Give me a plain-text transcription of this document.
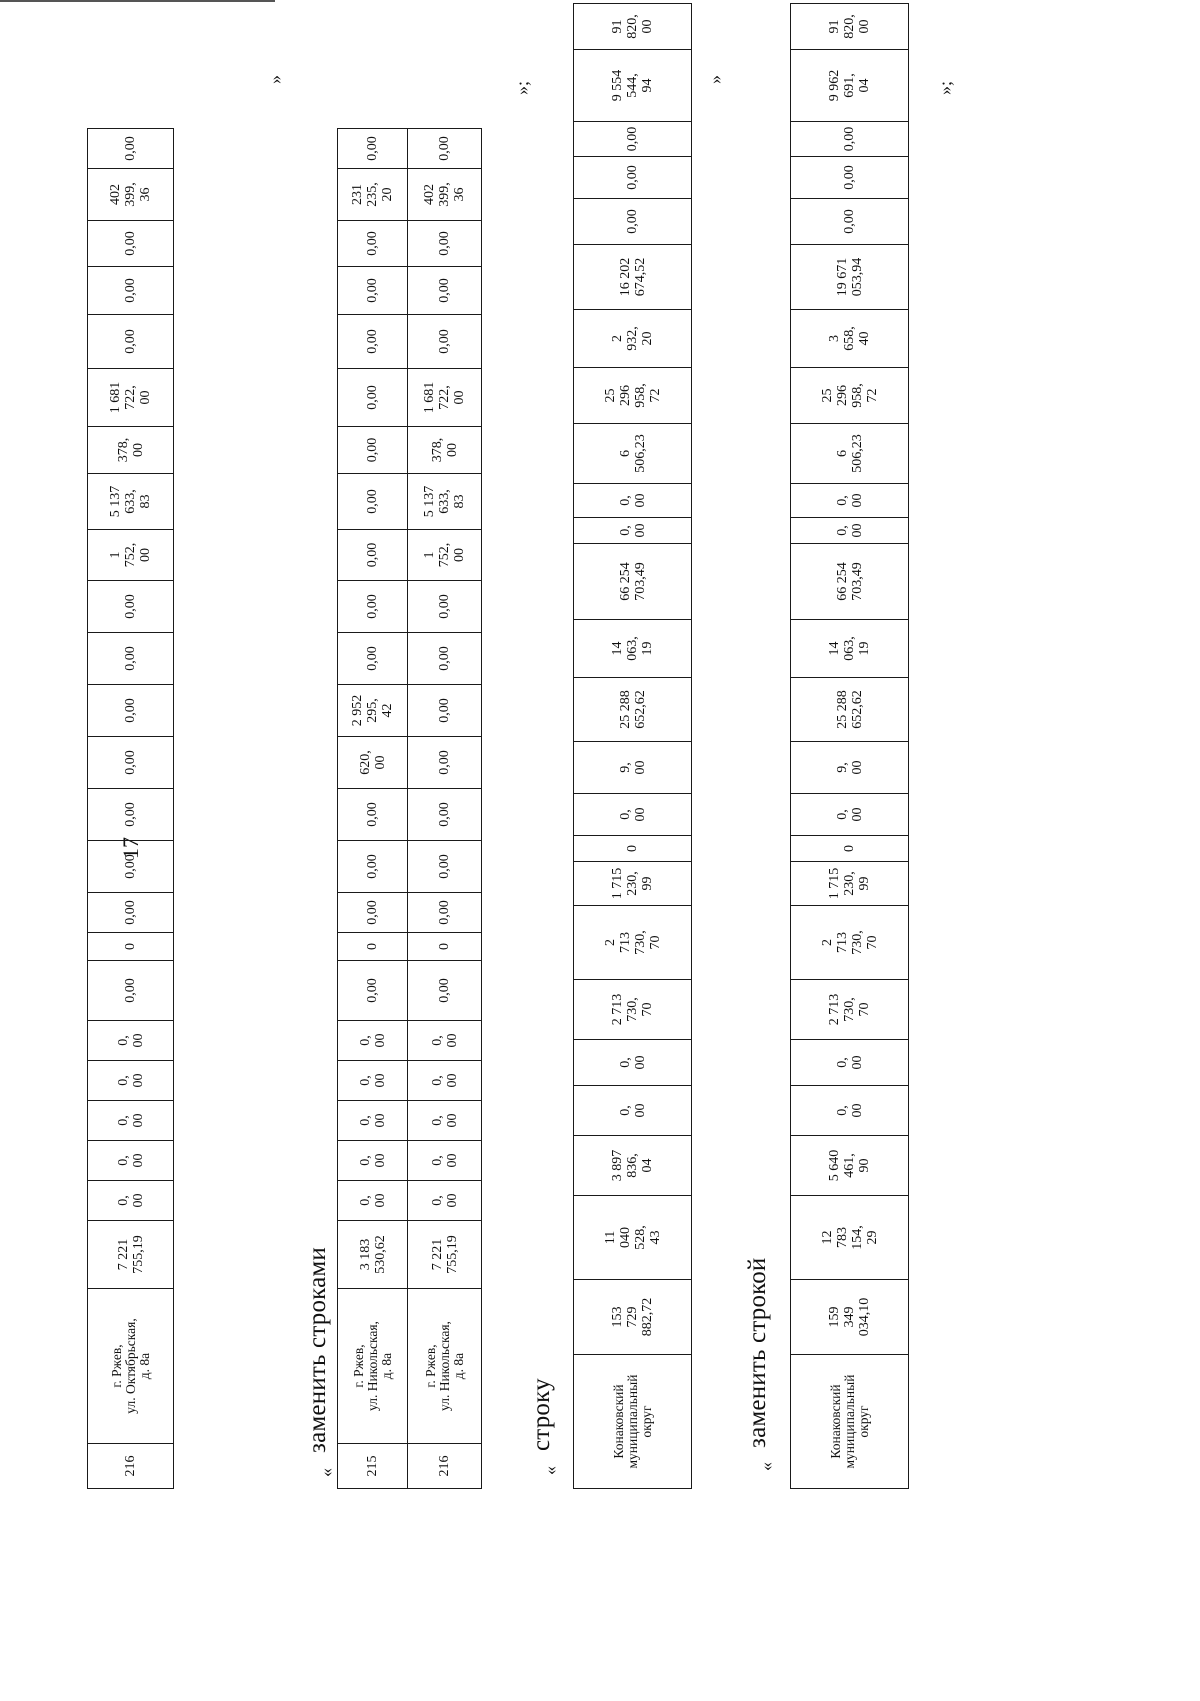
17
216	г. Ржев,
ул. Октябрьская,
д. 8а	7 221
755,19	0,
00	0,
00	0,
00	0,
00	0,
00	0,00	0	0,00	0,00	0,00	0,00	0,00	0,00	0,00	1
752,
00	5 137
633,
83	378,
00	1 681
722,
00	0,00	0,00	0,00	402
399,
36	0,00
»
«
заменить строками
215	г. Ржев,
ул. Никольская,
д. 8а	3 183
530,62	0,
00	0,
00	0,
00	0,
00	0,
00	0,00	0	0,00	0,00	0,00	620,
00	2 952
295,
42	0,00	0,00	0,00	0,00	0,00	0,00	0,00	0,00	0,00	231
235,
20	0,00
216	г. Ржев,
ул. Никольская,
д. 8а	7 221
755,19	0,
00	0,
00	0,
00	0,
00	0,
00	0,00	0	0,00	0,00	0,00	0,00	0,00	0,00	0,00	1
752,
00	5 137
633,
83	378,
00	1 681
722,
00	0,00	0,00	0,00	402
399,
36	0,00
»;
«
строку	Конаковский
муниципальный
округ	153
729
882,72	11
040
528,
43	3 897
836,
04	0,
00	0,
00	2 713
730,
70	2
713
730,
70	1 715
230,
99	0	0,
00	9,
00	25 288
652,62	14
063,
19	66 254
703,49	0,
00	0,
00	6
506,23	25
296
958,
72	2
932,
20	16 202
674,52	0,00	0,00	0,00	9 554
544,
94	91
820,
00
»
«
заменить строкой	Конаковский
муниципальный
округ	159
349
034,10	12
783
154,
29	5 640
461,
90	0,
00	0,
00	2 713
730,
70	2
713
730,
70	1 715
230,
99	0	0,
00	9,
00	25 288
652,62	14
063,
19	66 254
703,49	0,
00	0,
00	6
506,23	25
296
958,
72	3
658,
40	19 671
053,94	0,00	0,00	0,00	9 962
691,
04	91
820,
00
»;
